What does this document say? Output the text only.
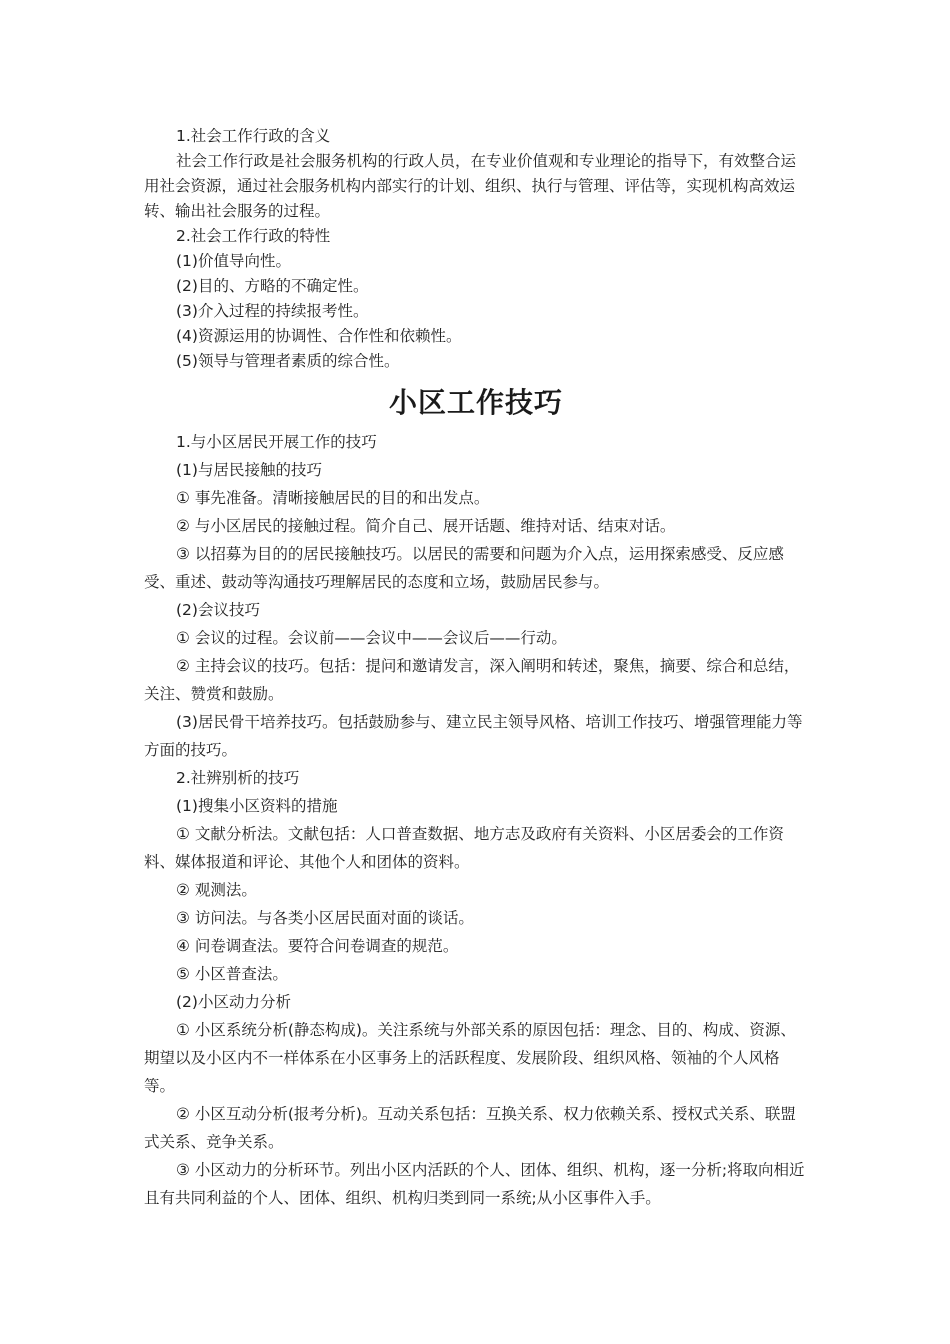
1.社会工作行政的含义

社会工作行政是社会服务机构的行政人员，在专业价值观和专业理论的指导下，有效整合运用社会资源，通过社会服务机构内部实行的计划、组织、执行与管理、评估等，实现机构高效运转、输出社会服务的过程。

2.社会工作行政的特性

(1)价值导向性。

(2)目的、方略的不确定性。

(3)介入过程的持续报考性。

(4)资源运用的协调性、合作性和依赖性。

(5)领导与管理者素质的综合性。

小区工作技巧

1.与小区居民开展工作的技巧

(1)与居民接触的技巧

① 事先准备。清晰接触居民的目的和出发点。

② 与小区居民的接触过程。简介自己、展开话题、维持对话、结束对话。

③ 以招募为目的的居民接触技巧。以居民的需要和问题为介入点，运用探索感受、反应感受、重述、鼓动等沟通技巧理解居民的态度和立场，鼓励居民参与。

(2)会议技巧

① 会议的过程。会议前——会议中——会议后——行动。

② 主持会议的技巧。包括：提问和邀请发言，深入阐明和转述，聚焦，摘要、综合和总结，关注、赞赏和鼓励。

(3)居民骨干培养技巧。包括鼓励参与、建立民主领导风格、培训工作技巧、增强管理能力等方面的技巧。

2.社辨别析的技巧

(1)搜集小区资料的措施

① 文献分析法。文献包括：人口普查数据、地方志及政府有关资料、小区居委会的工作资料、媒体报道和评论、其他个人和团体的资料。

② 观测法。

③ 访问法。与各类小区居民面对面的谈话。

④ 问卷调查法。要符合问卷调查的规范。

⑤ 小区普查法。

(2)小区动力分析

① 小区系统分析(静态构成)。关注系统与外部关系的原因包括：理念、目的、构成、资源、期望以及小区内不一样体系在小区事务上的活跃程度、发展阶段、组织风格、领袖的个人风格等。

② 小区互动分析(报考分析)。互动关系包括：互换关系、权力依赖关系、授权式关系、联盟式关系、竞争关系。

③ 小区动力的分析环节。列出小区内活跃的个人、团体、组织、机构，逐一分析;将取向相近且有共同利益的个人、团体、组织、机构归类到同一系统;从小区事件入手。
